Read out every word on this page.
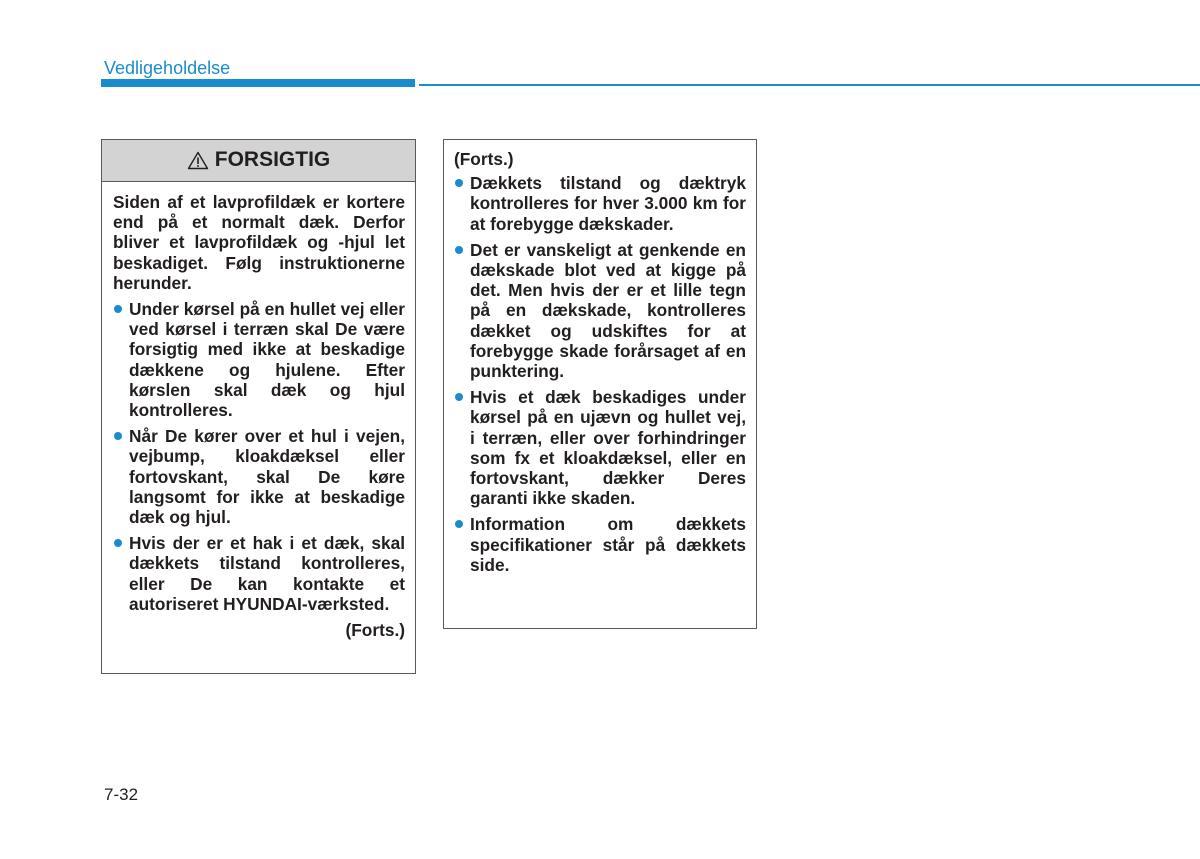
Vedligeholdelse
FORSIGTIG

Siden af et lavprofildæk er kortere end på et normalt dæk. Derfor bliver et lavprofildæk og -hjul let beskadiget. Følg instruktionerne herunder.

Under kørsel på en hullet vej eller ved kørsel i terræn skal De være forsigtig med ikke at beskadige dækkene og hjulene. Efter kørslen skal dæk og hjul kontrolleres.
Når De kører over et hul i vejen, vejbump, kloakdæksel eller fortovskant, skal De køre langsomt for ikke at beskadige dæk og hjul.
Hvis der er et hak i et dæk, skal dækkets tilstand kontrolleres, eller De kan kontakte et autoriseret HYUNDAI-værksted.
(Forts.)
(Forts.)
Dækkets tilstand og dæktryk kontrolleres for hver 3.000 km for at forebygge dækskader.
Det er vanskeligt at genkende en dækskade blot ved at kigge på det. Men hvis der er et lille tegn på en dækskade, kontrolleres dækket og udskiftes for at forebygge skade forårsaget af en punktering.
Hvis et dæk beskadiges under kørsel på en ujævn og hullet vej, i terræn, eller over forhindringer som fx et kloakdæksel, eller en fortovskant, dækker Deres garanti ikke skaden.
Information om dækkets specifikationer står på dækkets side.
7-32
